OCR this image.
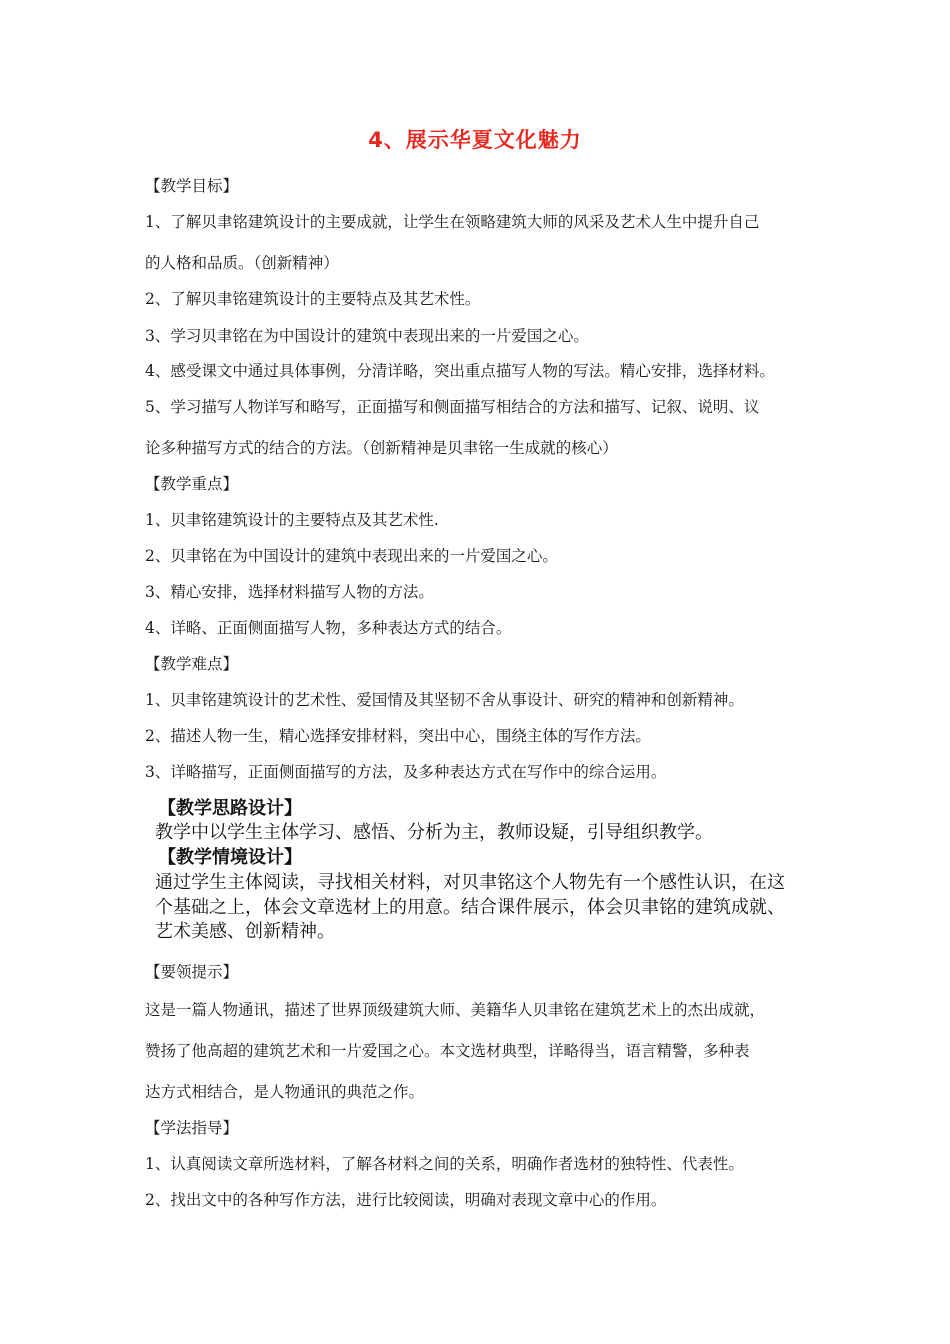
4、展示华夏文化魅力
【教学目标】
1、了解贝聿铭建筑设计的主要成就，让学生在领略建筑大师的风采及艺术人生中提升自己
的人格和品质。（创新精神）
2、了解贝聿铭建筑设计的主要特点及其艺术性。
3、学习贝聿铭在为中国设计的建筑中表现出来的一片爱国之心。
4、感受课文中通过具体事例，分清详略，突出重点描写人物的写法。精心安排，选择材料。
5、学习描写人物详写和略写，正面描写和侧面描写相结合的方法和描写、记叙、说明、议
论多种描写方式的结合的方法。（创新精神是贝聿铭一生成就的核心）
【教学重点】
1、贝聿铭建筑设计的主要特点及其艺术性.
2、贝聿铭在为中国设计的建筑中表现出来的一片爱国之心。
3、精心安排，选择材料描写人物的方法。
4、详略、正面侧面描写人物，多种表达方式的结合。
【教学难点】
1、贝聿铭建筑设计的艺术性、爱国情及其坚韧不舍从事设计、研究的精神和创新精神。
2、描述人物一生，精心选择安排材料，突出中心，围绕主体的写作方法。
3、详略描写，正面侧面描写的方法，及多种表达方式在写作中的综合运用。
【教学思路设计】
教学中以学生主体学习、感悟、分析为主，教师设疑，引导组织教学。
【教学情境设计】
通过学生主体阅读，寻找相关材料，对贝聿铭这个人物先有一个感性认识，在这
个基础之上，体会文章选材上的用意。结合课件展示，体会贝聿铭的建筑成就、
艺术美感、创新精神。
【要领提示】
这是一篇人物通讯，描述了世界顶级建筑大师、美籍华人贝聿铭在建筑艺术上的杰出成就，
赞扬了他高超的建筑艺术和一片爱国之心。本文选材典型，详略得当，语言精警，多种表
达方式相结合，是人物通讯的典范之作。
【学法指导】
1、认真阅读文章所选材料，了解各材料之间的关系，明确作者选材的独特性、代表性。
2、找出文中的各种写作方法，进行比较阅读，明确对表现文章中心的作用。
